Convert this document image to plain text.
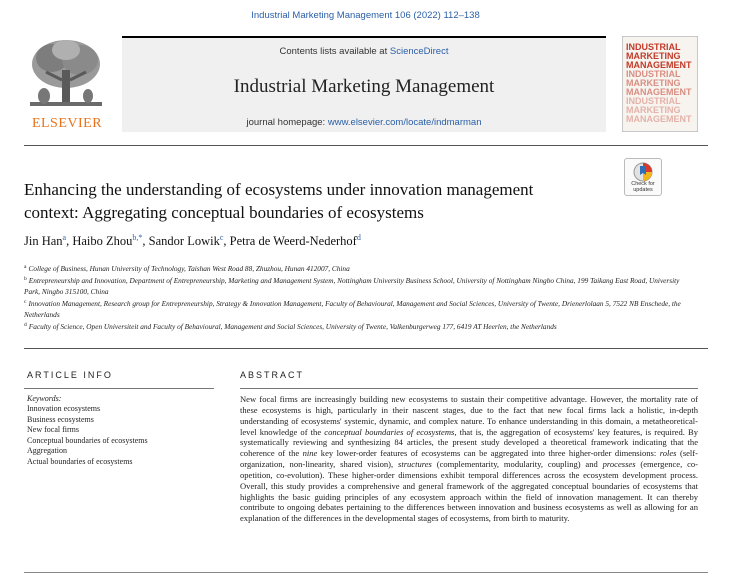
Industrial Marketing Management 106 (2022) 112–138
ELSEVIER
Contents lists available at ScienceDirect
Industrial Marketing Management
journal homepage: www.elsevier.com/locate/indmarman
INDUSTRIAL
MARKETING
MANAGEMENT
INDUSTRIAL
MARKETING
MANAGEMENT
INDUSTRIAL
MARKETING
MANAGEMENT
Enhancing the understanding of ecosystems under innovation management
context: Aggregating conceptual boundaries of ecosystems
Check for
updates
Jin Han$^a$, Haibo Zhou$^{b,*}$, Sandor Lowik$^c$, Petra de Weerd-Nederhof$^d$
$^a$ College of Business, Hunan University of Technology, Taishan West Road 88, Zhuzhou, Hunan 412007, China
$^b$ Entrepreneurship and Innovation, Department of Entrepreneurship, Marketing and Management System, Nottingham University Business School, University of Nottingham Ningbo China, 199 Taikang East Road, University Park, Ningbo 315100, China
$^c$ Innovation Management, Research group for Entrepreneurship, Strategy & Innovation Management, Faculty of Behavioural, Management and Social Sciences, University of Twente, Drienerlolaan 5, 7522 NB Enschede, the Netherlands
$^d$ Faculty of Science, Open Universiteit and Faculty of Behavioural, Management and Social Sciences, University of Twente, Valkenburgerweg 177, 6419 AT Heerlen, the Netherlands
ARTICLE INFO	ABSTRACT
Keywords:
Innovation ecosystems
Business ecosystems
New focal firms
Conceptual boundaries of ecosystems
Aggregation
Actual boundaries of ecosystems
New focal firms are increasingly building new ecosystems to sustain their competitive advantage. However, the mortality rate of these ecosystems is high, particularly in their nascent stages, due to the fact that new focal firms lack a holistic, in-depth understanding of ecosystems' systemic, dynamic, and complex nature. To enhance understanding in this domain, a metatheoretical-level knowledge of the conceptual boundaries of ecosystems, that is, the aggregation of ecosystems' key features, is required. By systematically reviewing and synthesizing 84 articles, the present study developed a theoretical framework indicating that the coherence of the nine key lower-order features of ecosystems can be aggregated into three higher-order dimensions: roles (self-organization, non-linearity, shared vision), structures (complementarity, modularity, coupling) and processes (emergence, co-opetition, co-evolution). These higher-order dimensions exhibit temporal differences across the ecosystem development process. Overall, this study provides a comprehensive and general framework of the aggregated conceptual boundaries of ecosystems that highlights the basic guiding principles of any ecosystem approach within the field of innovation management. It can thereby contribute to ongoing debates pertaining to the differences between innovation and business ecosystems as well as allowing for an explanation of the differences in the developmental stages of ecosystems, from birth to maturity.
